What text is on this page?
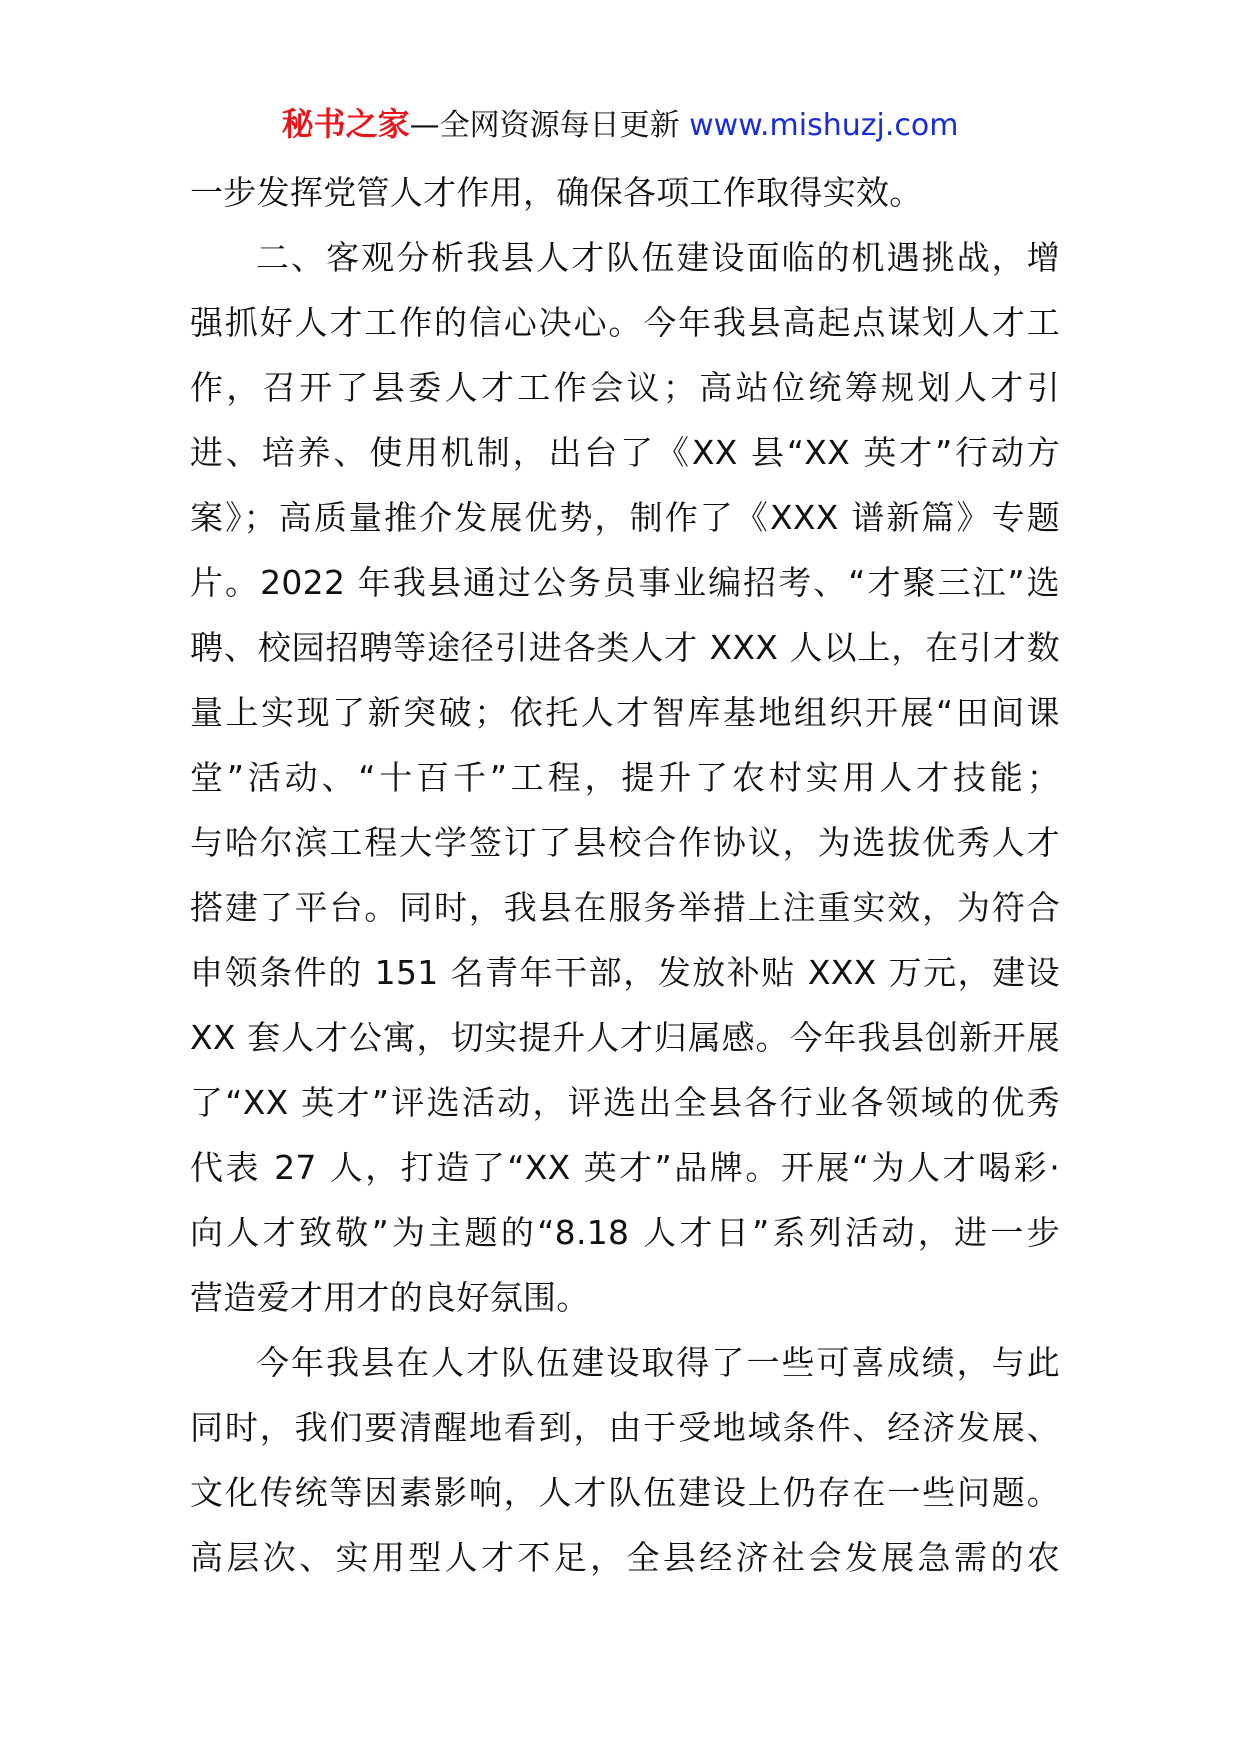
秘书之家—全网资源每日更新 www.mishuzj.com
一步发挥党管人才作用，确保各项工作取得实效。
二、客观分析我县人才队伍建设面临的机遇挑战，增
强抓好人才工作的信心决心。今年我县高起点谋划人才工
作，召开了县委人才工作会议；高站位统筹规划人才引
进、培养、使用机制，出台了《XX 县“XX 英才”行动方
案》；高质量推介发展优势，制作了《XXX 谱新篇》专题
片。2022 年我县通过公务员事业编招考、“才聚三江”选
聘、校园招聘等途径引进各类人才 XXX 人以上，在引才数
量上实现了新突破；依托人才智库基地组织开展“田间课
堂”活动、“十百千”工程，提升了农村实用人才技能；
与哈尔滨工程大学签订了县校合作协议，为选拔优秀人才
搭建了平台。同时，我县在服务举措上注重实效，为符合
申领条件的 151 名青年干部，发放补贴 XXX 万元，建设
XX 套人才公寓，切实提升人才归属感。今年我县创新开展
了“XX 英才”评选活动，评选出全县各行业各领域的优秀
代表 27 人，打造了“XX 英才”品牌。开展“为人才喝彩·
向人才致敬”为主题的“8.18 人才日”系列活动，进一步
营造爱才用才的良好氛围。
今年我县在人才队伍建设取得了一些可喜成绩，与此
同时，我们要清醒地看到，由于受地域条件、经济发展、
文化传统等因素影响，人才队伍建设上仍存在一些问题。
高层次、实用型人才不足，全县经济社会发展急需的农
